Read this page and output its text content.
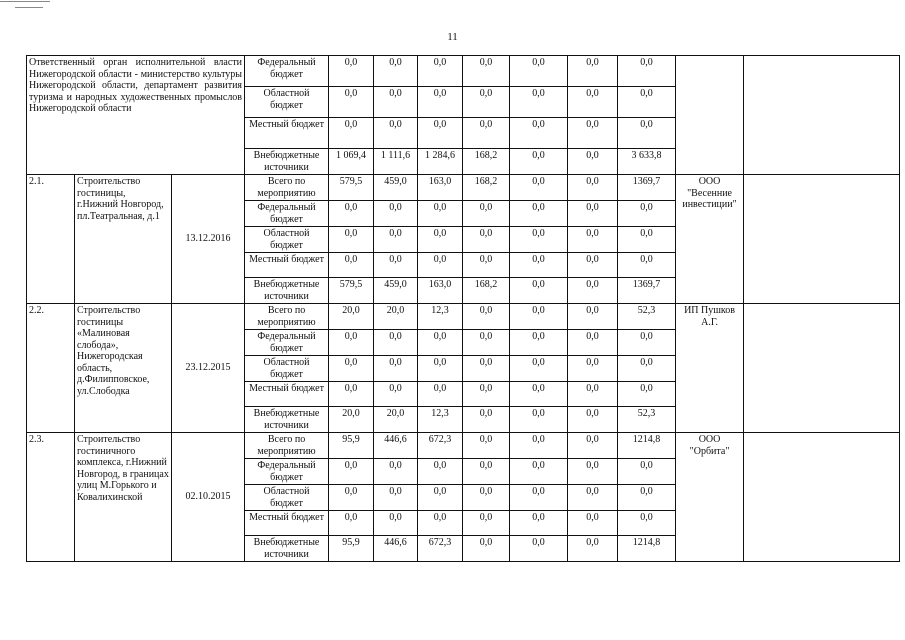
11
Ответственный орган исполнительной власти Нижегородской области - министерство культуры Нижегородской области, департамент развития туризма и народных художественных промыслов Нижегородской области			Федеральный бюджет	0,0	0,0	0,0	0,0	0,0	0,0	0,0		
			Областной бюджет	0,0	0,0	0,0	0,0	0,0	0,0	0,0		
			Местный бюджет	0,0	0,0	0,0	0,0	0,0	0,0	0,0		
			Внебюджетные источники	1 069,4	1 111,6	1 284,6	168,2	0,0	0,0	3 633,8		
2.1.	Строительство гостиницы, г.Нижний Новгород, пл.Театральная, д.1	13.12.2016	Всего по мероприятию	579,5	459,0	163,0	168,2	0,0	0,0	1369,7	ООО "Весенние инвестиции"	
			Федеральный бюджет	0,0	0,0	0,0	0,0	0,0	0,0	0,0		
			Областной бюджет	0,0	0,0	0,0	0,0	0,0	0,0	0,0		
			Местный бюджет	0,0	0,0	0,0	0,0	0,0	0,0	0,0		
			Внебюджетные источники	579,5	459,0	163,0	168,2	0,0	0,0	1369,7		
2.2.	Строительство гостиницы «Малиновая слобода», Нижегородская область, д.Филипповское, ул.Слободка	23.12.2015	Всего по мероприятию	20,0	20,0	12,3	0,0	0,0	0,0	52,3	ИП Пушков А.Г.	
			Федеральный бюджет	0,0	0,0	0,0	0,0	0,0	0,0	0,0		
			Областной бюджет	0,0	0,0	0,0	0,0	0,0	0,0	0,0		
			Местный бюджет	0,0	0,0	0,0	0,0	0,0	0,0	0,0		
			Внебюджетные источники	20,0	20,0	12,3	0,0	0,0	0,0	52,3		
2.3.	Строительство гостиничного комплекса, г.Нижний Новгород, в границах улиц М.Горького и Ковалихинской	02.10.2015	Всего по мероприятию	95,9	446,6	672,3	0,0	0,0	0,0	1214,8	ООО "Орбита"	
			Федеральный бюджет	0,0	0,0	0,0	0,0	0,0	0,0	0,0		
			Областной бюджет	0,0	0,0	0,0	0,0	0,0	0,0	0,0		
			Местный бюджет	0,0	0,0	0,0	0,0	0,0	0,0	0,0		
			Внебюджетные источники	95,9	446,6	672,3	0,0	0,0	0,0	1214,8		
